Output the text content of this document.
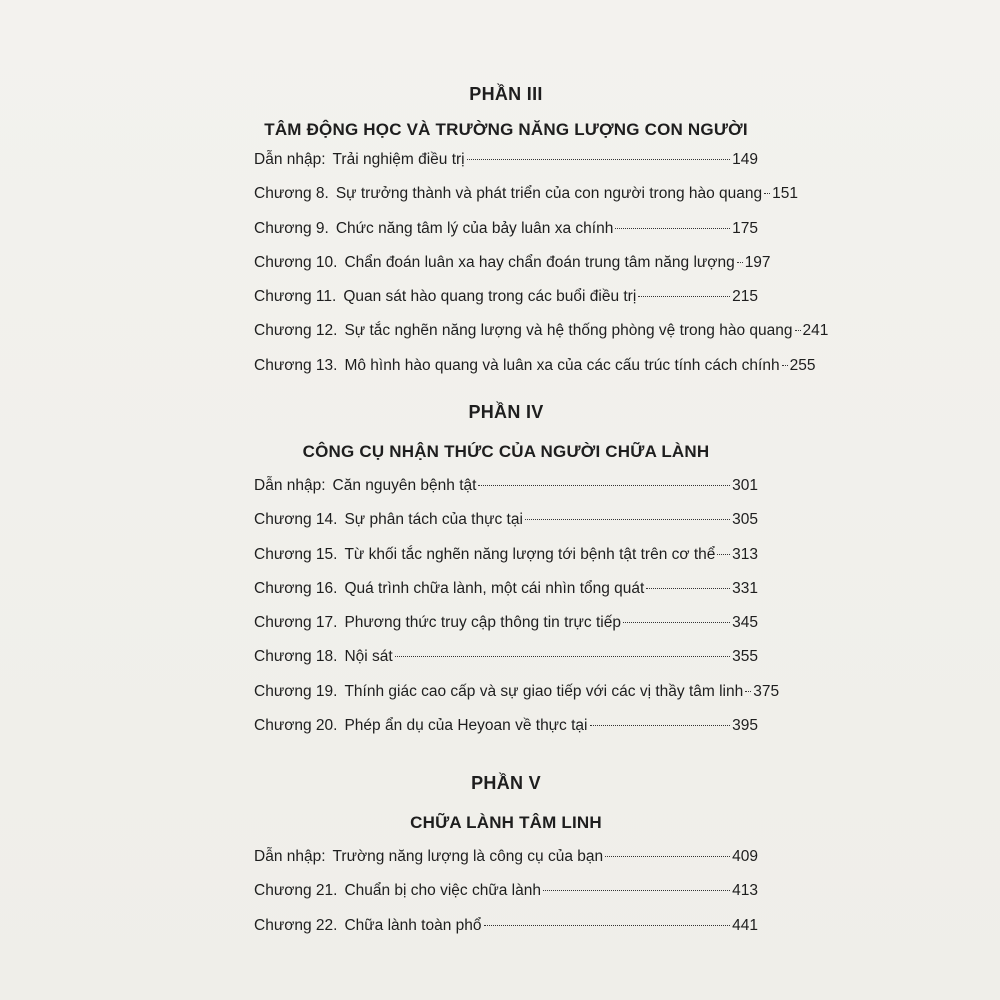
PHẦN III

TÂM ĐỘNG HỌC VÀ TRƯỜNG NĂNG LƯỢNG CON NGƯỜI

Dẫn nhập: Trải nghiệm điều trị	149
Chương 8. Sự trưởng thành và phát triển của con người trong hào quang 151
Chương 9. Chức năng tâm lý của bảy luân xa chính	175
Chương 10. Chẩn đoán luân xa hay chẩn đoán trung tâm năng lượng 197
Chương 11. Quan sát hào quang trong các buổi điều trị	215
Chương 12. Sự tắc nghẽn năng lượng và hệ thống phòng vệ trong hào quang 241
Chương 13. Mô hình hào quang và luân xa của các cấu trúc tính cách chính 255

PHẦN IV

CÔNG CỤ NHẬN THỨC CỦA NGƯỜI CHỮA LÀNH

Dẫn nhập: Căn nguyên bệnh tật	301
Chương 14. Sự phân tách của thực tại	305
Chương 15. Từ khối tắc nghẽn năng lượng tới bệnh tật trên cơ thể 313
Chương 16. Quá trình chữa lành, một cái nhìn tổng quát	331
Chương 17. Phương thức truy cập thông tin trực tiếp	345
Chương 18. Nội sát	355
Chương 19. Thính giác cao cấp và sự giao tiếp với các vị thầy tâm linh 375
Chương 20. Phép ẩn dụ của Heyoan về thực tại	395

PHẦN V

CHỮA LÀNH TÂM LINH

Dẫn nhập: Trường năng lượng là công cụ của bạn	409
Chương 21. Chuẩn bị cho việc chữa lành	413
Chương 22. Chữa lành toàn phổ	441
